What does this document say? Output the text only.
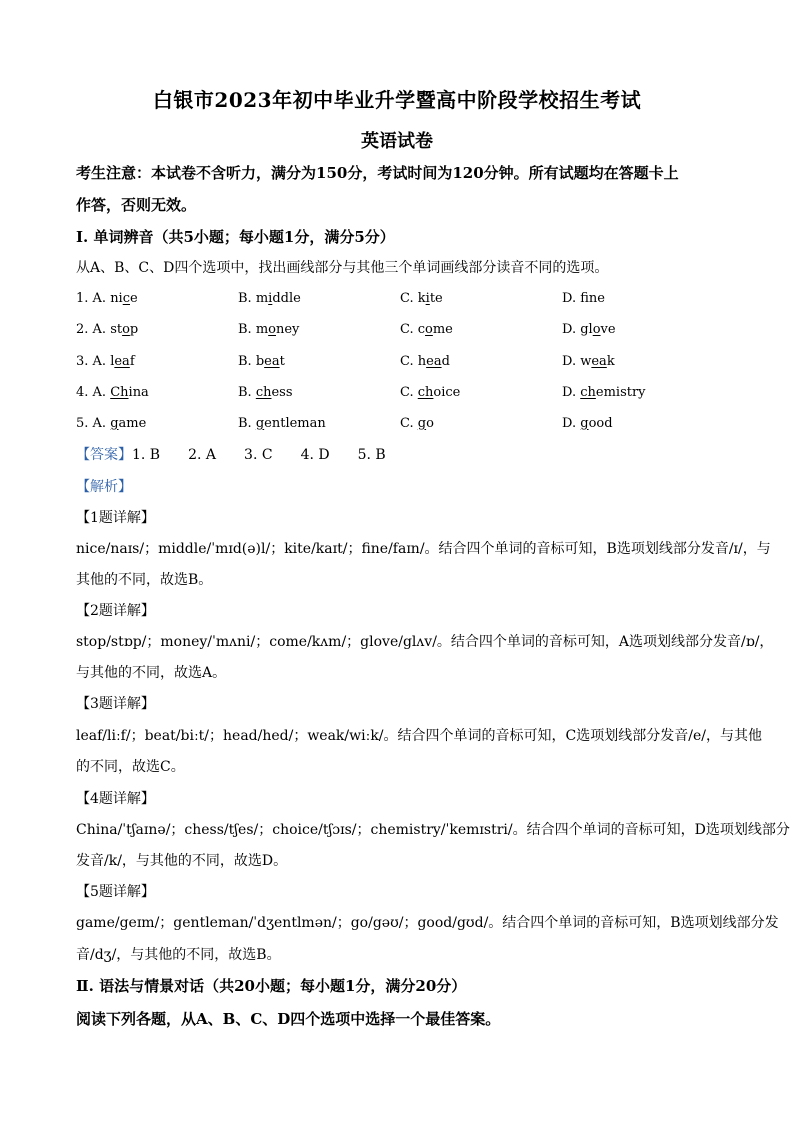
白银市2023年初中毕业升学暨高中阶段学校招生考试
英语试卷
考生注意：本试卷不含听力，满分为150分，考试时间为120分钟。所有试题均在答题卡上
作答，否则无效。
Ⅰ. 单词辨音（共5小题；每小题1分，满分5分）
从A、B、C、D四个选项中，找出画线部分与其他三个单词画线部分读音不同的选项。
1. A. nice	B. middle	C. kite	D. fne
2. A. stop	B. money	C. come	D. glove
3. A. leaf	B. beat	C. head	D. weak
4. A. China	B. chess	C. choice	D. chemistry
5. A. game	B. gentleman	C. go	D. good
【答案】1. B 2. A 3. C 4. D 5. B
【解析】
【1题详解】
nice/naɪs/；middle/ˈmɪd(ə)l/；kite/kaɪt/；fine/faɪn/。结合四个单词的音标可知，B选项划线部分发音/ɪ/，与
其他的不同，故选B。
【2题详解】
stop/stɒp/；money/ˈmʌni/；come/kʌm/；glove/glʌv/。结合四个单词的音标可知，A选项划线部分发音/ɒ/，
与其他的不同，故选A。
【3题详解】
leaf/liːf/；beat/biːt/；head/hed/；weak/wiːk/。结合四个单词的音标可知，C选项划线部分发音/e/，与其他
的不同，故选C。
【4题详解】
China/ˈtʃaɪnə/；chess/tʃes/；choice/tʃɔɪs/；chemistry/ˈkemɪstri/。结合四个单词的音标可知，D选项划线部分
发音/k/，与其他的不同，故选D。
【5题详解】
game/geɪm/；gentleman/ˈdʒentlmən/；go/gəʊ/；good/gʊd/。结合四个单词的音标可知，B选项划线部分发
音/dʒ/，与其他的不同，故选B。
Ⅱ. 语法与情景对话（共20小题；每小题1分，满分20分）
阅读下列各题，从A、B、C、D四个选项中选择一个最佳答案。
